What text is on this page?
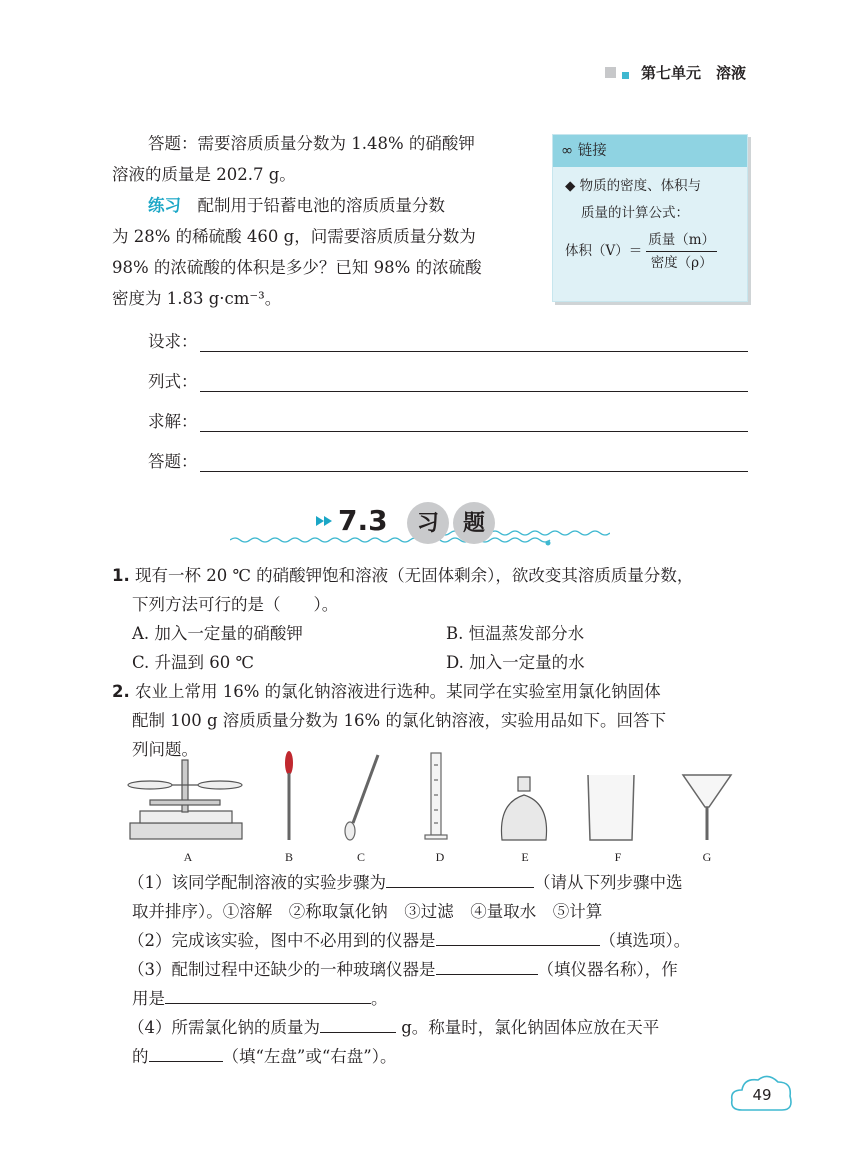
第七单元　溶液
答题：需要溶质质量分数为 1.48% 的硝酸钾
溶液的质量是 202.7 g。
练习　配制用于铅蓄电池的溶质质量分数
为 28% 的稀硫酸 460 g，问需要溶质质量分数为
98% 的浓硫酸的体积是多少？已知 98% 的浓硫酸
密度为 1.83 g·cm⁻³。
∞ 链接
◆ 物质的密度、体积与
质量的计算公式：
体积（V）＝
质量（m）
密度（ρ）
设求：
列式：
求解：
答题：
7.3	习	题
1. 现有一杯 20 ℃ 的硝酸钾饱和溶液（无固体剩余），欲改变其溶质质量分数，
下列方法可行的是（　　）。
A. 加入一定量的硝酸钾	B. 恒温蒸发部分水
C. 升温到 60 ℃	D. 加入一定量的水
2. 农业上常用 16% 的氯化钠溶液进行选种。某同学在实验室用氯化钠固体
配制 100 g 溶质质量分数为 16% 的氯化钠溶液，实验用品如下。回答下
列问题。
A	B	C	D	E	F	G
（1）该同学配制溶液的实验步骤为	（请从下列步骤中选
取并排序）。①溶解　②称取氯化钠　③过滤　④量取水　⑤计算
（2）完成该实验，图中不必用到的仪器是	（填选项）。
（3）配制过程中还缺少的一种玻璃仪器是	（填仪器名称），作
用是	。
（4）所需氯化钠的质量为	g。称量时，氯化钠固体应放在天平
的	（填“左盘”或“右盘”）。
49
